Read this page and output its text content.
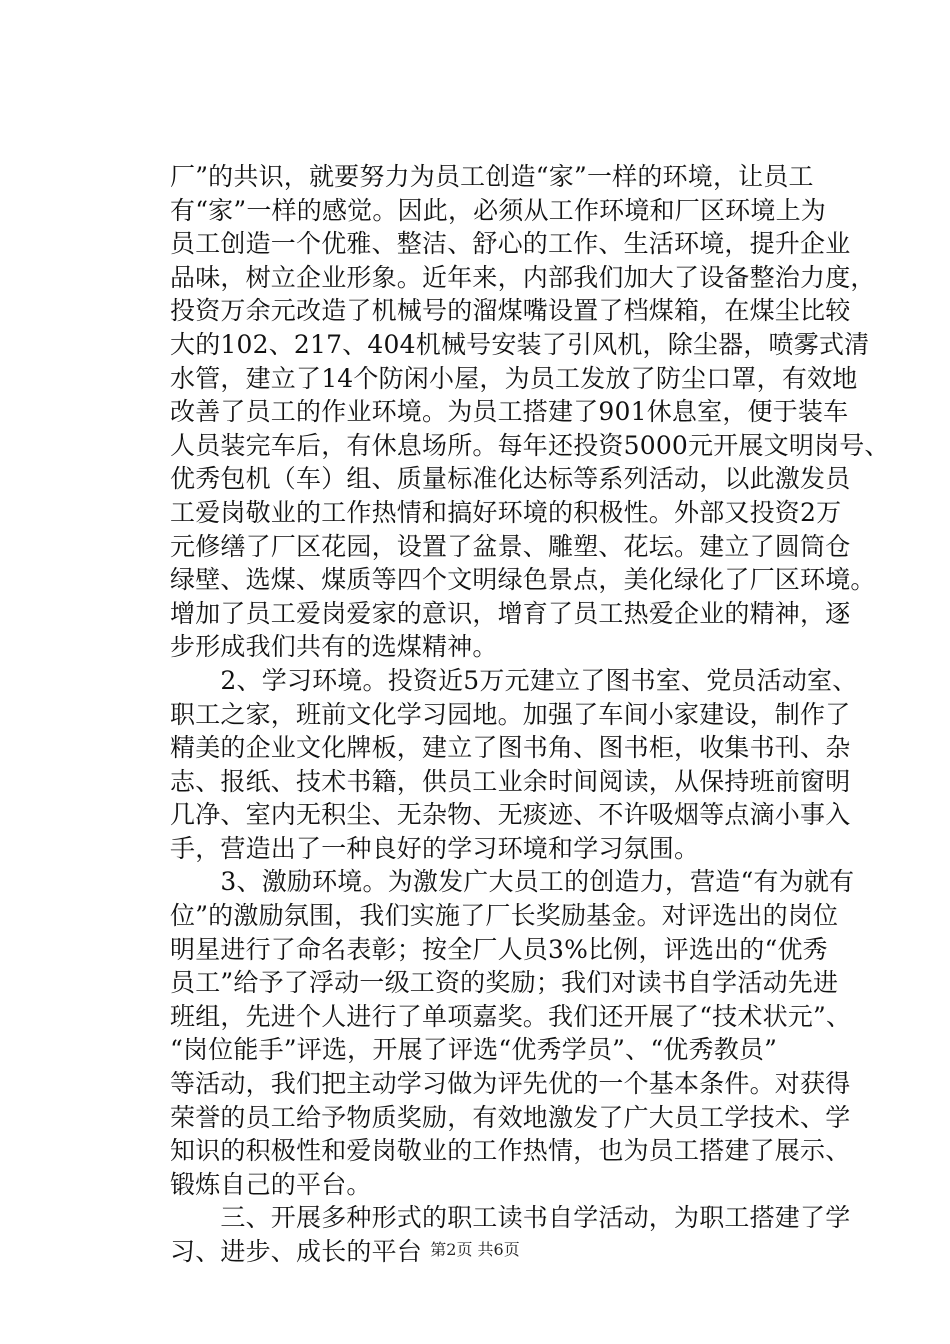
厂”的共识，就要努力为员工创造“家”一样的环境，让员工
有“家”一样的感觉。因此，必须从工作环境和厂区环境上为
员工创造一个优雅、整洁、舒心的工作、生活环境，提升企业
品味，树立企业形象。近年来，内部我们加大了设备整治力度，
投资万余元改造了机械号的溜煤嘴设置了档煤箱，在煤尘比较
大的102、217、404机械号安装了引风机，除尘器，喷雾式清
水管，建立了14个防闲小屋，为员工发放了防尘口罩，有效地
改善了员工的作业环境。为员工搭建了901休息室，便于装车
人员装完车后，有休息场所。每年还投资5000元开展文明岗号、
优秀包机（车）组、质量标准化达标等系列活动，以此激发员
工爱岗敬业的工作热情和搞好环境的积极性。外部又投资2万
元修缮了厂区花园，设置了盆景、雕塑、花坛。建立了圆筒仓
绿壁、选煤、煤质等四个文明绿色景点，美化绿化了厂区环境。
增加了员工爱岗爱家的意识，增育了员工热爱企业的精神，逐
步形成我们共有的选煤精神。
　　2、学习环境。投资近5万元建立了图书室、党员活动室、
职工之家，班前文化学习园地。加强了车间小家建设，制作了
精美的企业文化牌板，建立了图书角、图书柜，收集书刊、杂
志、报纸、技术书籍，供员工业余时间阅读，从保持班前窗明
几净、室内无积尘、无杂物、无痰迹、不许吸烟等点滴小事入
手，营造出了一种良好的学习环境和学习氛围。
　　3、激励环境。为激发广大员工的创造力，营造“有为就有
位”的激励氛围，我们实施了厂长奖励基金。对评选出的岗位
明星进行了命名表彰；按全厂人员3%比例，评选出的“优秀
员工”给予了浮动一级工资的奖励；我们对读书自学活动先进
班组，先进个人进行了单项嘉奖。我们还开展了“技术状元”、
“岗位能手”评选，开展了评选“优秀学员”、“优秀教员”
等活动，我们把主动学习做为评先优的一个基本条件。对获得
荣誉的员工给予物质奖励，有效地激发了广大员工学技术、学
知识的积极性和爱岗敬业的工作热情，也为员工搭建了展示、
锻炼自己的平台。
　　三、开展多种形式的职工读书自学活动，为职工搭建了学
习、进步、成长的平台 第2页 共6页
